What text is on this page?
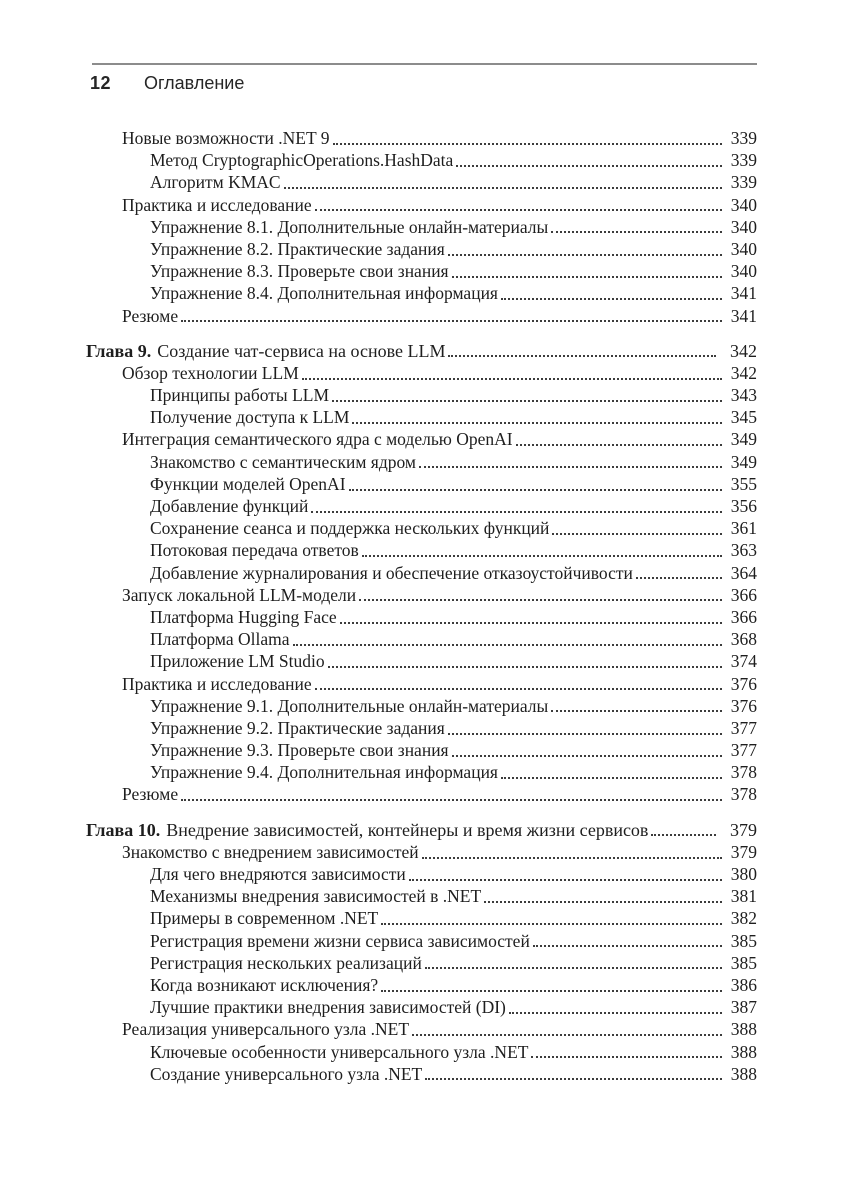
12	Оглавление
Новые возможности .NET 9	339
Метод CryptographicOperations.HashData	339
Алгоритм KMAC	339
Практика и исследование	340
Упражнение 8.1. Дополнительные онлайн-материалы	340
Упражнение 8.2. Практические задания	340
Упражнение 8.3. Проверьте свои знания	340
Упражнение 8.4. Дополнительная информация	341
Резюме	341
Глава 9. Создание чат-сервиса на основе LLM	342
Обзор технологии LLM	342
Принципы работы LLM	343
Получение доступа к LLM	345
Интеграция семантического ядра с моделью OpenAI	349
Знакомство с семантическим ядром	349
Функции моделей OpenAI	355
Добавление функций	356
Сохранение сеанса и поддержка нескольких функций	361
Потоковая передача ответов	363
Добавление журналирования и обеспечение отказоустойчивости	364
Запуск локальной LLM-модели	366
Платформа Hugging Face	366
Платформа Ollama	368
Приложение LM Studio	374
Практика и исследование	376
Упражнение 9.1. Дополнительные онлайн-материалы	376
Упражнение 9.2. Практические задания	377
Упражнение 9.3. Проверьте свои знания	377
Упражнение 9.4. Дополнительная информация	378
Резюме	378
Глава 10. Внедрение зависимостей, контейнеры и время жизни сервисов	379
Знакомство с внедрением зависимостей	379
Для чего внедряются зависимости	380
Механизмы внедрения зависимостей в .NET	381
Примеры в современном .NET	382
Регистрация времени жизни сервиса зависимостей	385
Регистрация нескольких реализаций	385
Когда возникают исключения?	386
Лучшие практики внедрения зависимостей (DI)	387
Реализация универсального узла .NET	388
Ключевые особенности универсального узла .NET	388
Создание универсального узла .NET	388
